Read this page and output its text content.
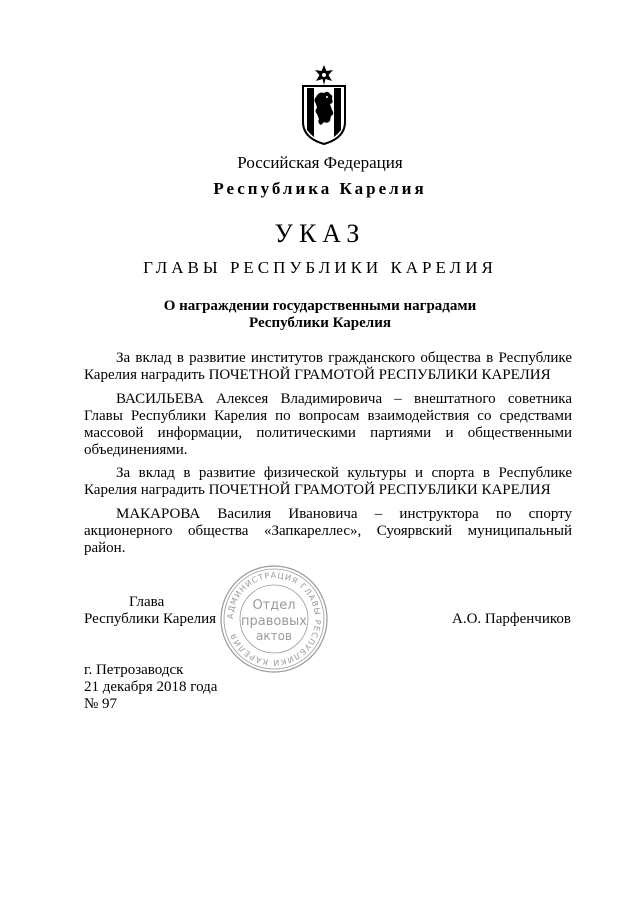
Российская Федерация
Республика Карелия
УКАЗ
ГЛАВЫ РЕСПУБЛИКИ КАРЕЛИЯ
О награждении государственными наградами
Республики Карелия
За вклад в развитие институтов гражданского общества в Республике
Карелия наградить ПОЧЕТНОЙ ГРАМОТОЙ РЕСПУБЛИКИ КАРЕЛИЯ
ВАСИЛЬЕВА Алексея Владимировича – внештатного советника
Главы Республики Карелия по вопросам взаимодействия со средствами
массовой информации, политическими партиями и общественными
объединениями.
За вклад в развитие физической культуры и спорта в Республике
Карелия наградить ПОЧЕТНОЙ ГРАМОТОЙ РЕСПУБЛИКИ КАРЕЛИЯ
МАКАРОВА Василия Ивановича – инструктора по спорту
акционерного общества «Запкареллес», Суоярвский муниципальный
район.
АДМИНИСТРАЦИЯ ГЛАВЫ РЕСПУБЛИКИ КАРЕЛИЯ
Отдел
правовых
актов
Глава
Республики Карелия	А.О. Парфенчиков
г. Петрозаводск
21 декабря 2018 года
№ 97
